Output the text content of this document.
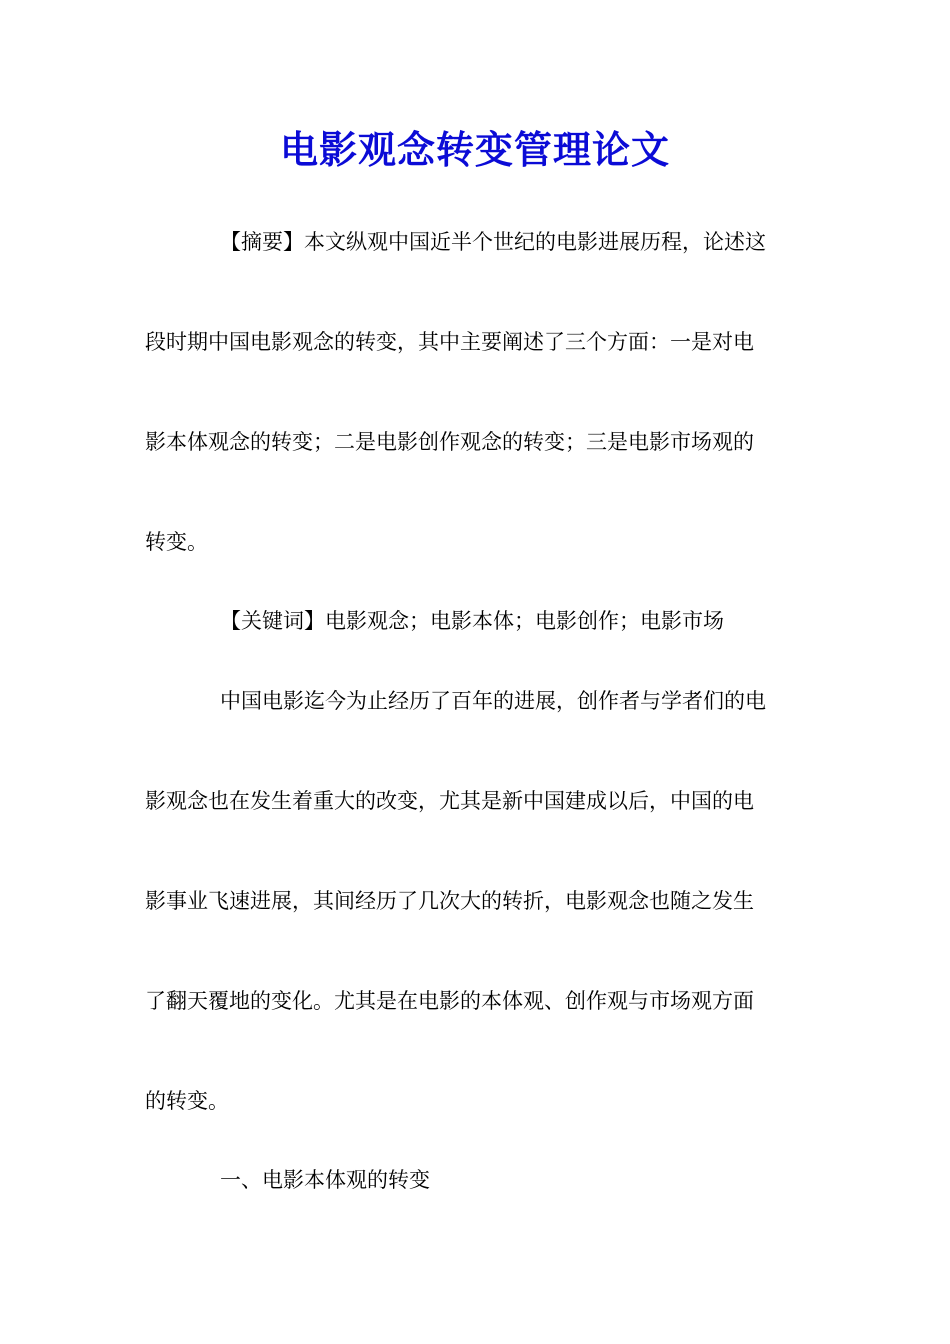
电影观念转变管理论文
【摘要】本文纵观中国近半个世纪的电影进展历程，论述这
段时期中国电影观念的转变，其中主要阐述了三个方面：一是对电
影本体观念的转变；二是电影创作观念的转变；三是电影市场观的
转变。
【关键词】电影观念；电影本体；电影创作；电影市场
中国电影迄今为止经历了百年的进展，创作者与学者们的电
影观念也在发生着重大的改变，尤其是新中国建成以后，中国的电
影事业飞速进展，其间经历了几次大的转折，电影观念也随之发生
了翻天覆地的变化。尤其是在电影的本体观、创作观与市场观方面
的转变。
一、电影本体观的转变
